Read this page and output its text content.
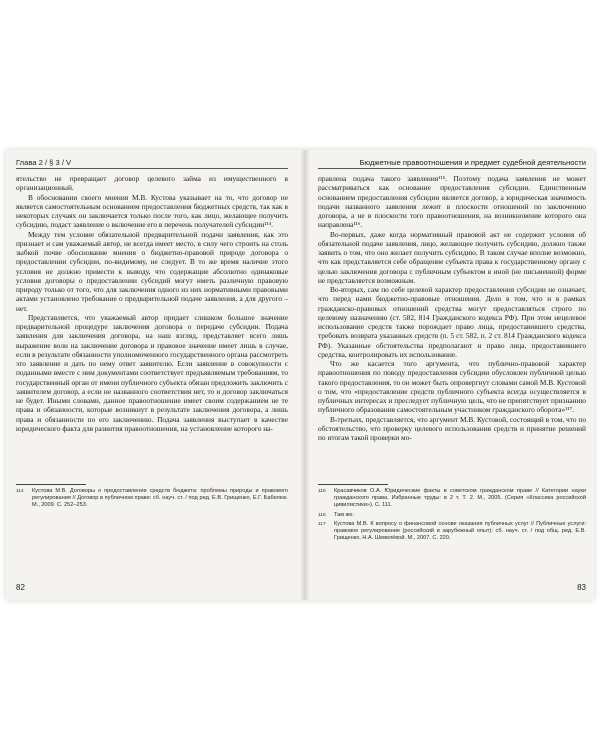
Глава 2 / § 3 / V

ятельство не превращает договор целевого займа из имущественного в организационный.

В обосновании своего мнения М.В. Кустова указывает на то, что договор не является самостоятельным основанием предоставления бюджетных средств, так как в некоторых случаях он заключается только после того, как лицо, желающее получить субсидию, подаст заявление о включение его в перечень получателей субсидии¹¹⁴.

Между тем условие обязательной предварительной подачи заявления, как это признает и сам уважаемый автор, не всегда имеет место, в силу чего строить на столь зыбкой почве обоснование мнения о бюджетно-правовой природе договора о предоставлении субсидии, по-видимому, не следует. В то же время наличие этого условия не должно привести к выводу, что содержащие абсолютно одинаковые условия договоры о предоставлении субсидий могут иметь различную правовую природу только от того, что для заключения одного из них нормативными правовыми актами установлено требование о предварительной подаче заявления, а для другого – нет.

Представляется, что уважаемый автор придает слишком большое значение предварительной процедуре заключения договора о передаче субсидии. Подача заявления для заключения договора, на наш взгляд, представляет всего лишь выражение воли на заключение договора и правовое значение имеет лишь в случае, если в результате обязанности уполномоченного государственного органа рассмотреть это заявление и дать по нему ответ заявителю. Если заявление в совокупности с поданными вместе с ним документами соответствует предъявляемым требованиям, то государственный орган от имени публичного субъекта обязан предложить заключить с заявителем договор, а если не названного соответствия нет, то и договор заключаться не будет. Иными словами, данное правоотношение имеет своим содержанием не те права и обязанности, которые возникнут в результате заключения договора, а лишь права и обязанности по его заключению. Подача заявления выступает в качестве юридического факта для развития правоотношения, на установление которого на-

114	Кустова М.В. Договоры о предоставлении средств бюджета: проблемы природы и правового регулирования // Договор в публичном праве: сб. науч. ст. / под ред. Е.В. Грищенко, Е.Г. Бабелюк. М., 2009. С. 252–253.
82
Бюджетные правоотношения и предмет судебной деятельности

правлена подача такого заявления¹¹⁵. Поэтому подача заявления не может рассматриваться как основание предоставления субсидии. Единственным основанием предоставления субсидии является договор, а юридическая значимость подачи названного заявления лежит в плоскости отношений по заключению договора, а не в плоскости того правоотношения, на возникновение которого она направлена¹¹⁶.

Во-первых, даже когда нормативный правовой акт не содержит условия об обязательной подаче заявления, лицо, желающее получить субсидию, должно также заявить о том, что оно желает получить субсидию. В таком случае вполне возможно, что как представляется себе обращение субъекта права к государственному органу с целью заключения договора с публичным субъектом в иной (не письменной) форме не представляется возможным.

Во-вторых, сам по себе целевой характер предоставления субсидии не означает, что перед нами бюджетно-правовые отношения. Дело в том, что и в рамках гражданско-правовых отношений средства могут предоставляться строго по целевому назначению (ст. 582, 814 Гражданского кодекса РФ). При этом нецелевое использование средств также порождает право лица, предоставившего средства, требовать возврата указанных средств (п. 5 ст. 582, п. 2 ст. 814 Гражданского кодекса РФ). Указанные обстоятельства предполагают и право лица, предоставившего средства, контролировать их использование.

Что же касается того аргумента, что публично-правовой характер правоотношения по поводу предоставления субсидии обусловлен публичной целью такого предоставления, то он может быть опровергнут словами самой М.В. Кустовой о том, что «предоставление средств публичного субъекта всегда осуществляется в публичных интересах и преследует публичную цель, что не препятствует признанию публичного образования самостоятельным участником гражданского оборота»¹¹⁷.

В-третьих, представляется, что аргумент М.В. Кустовой, состоящий в том, что по обстоятельство, что проверку целевого использования средств и принятие решений по итогам такой проверки мо-

115	Красавчиков О.А. Юридические факты в советском гражданском праве // Категории науки гражданского права. Избранные труды: в 2 т. Т. 2. М., 2005. (Серия «Классика российской цивилистики»). С. 111.
116	Там же.
117	Кустова М.В. К вопросу о финансовой основе оказания публичных услуг // Публичные услуги: правовое регулирование (российский и зарубежный опыт): сб. науч. ст. / под общ. ред. Е.В. Грищенко, Н.А. Шевелёвой. М., 2007. С. 220.
83
